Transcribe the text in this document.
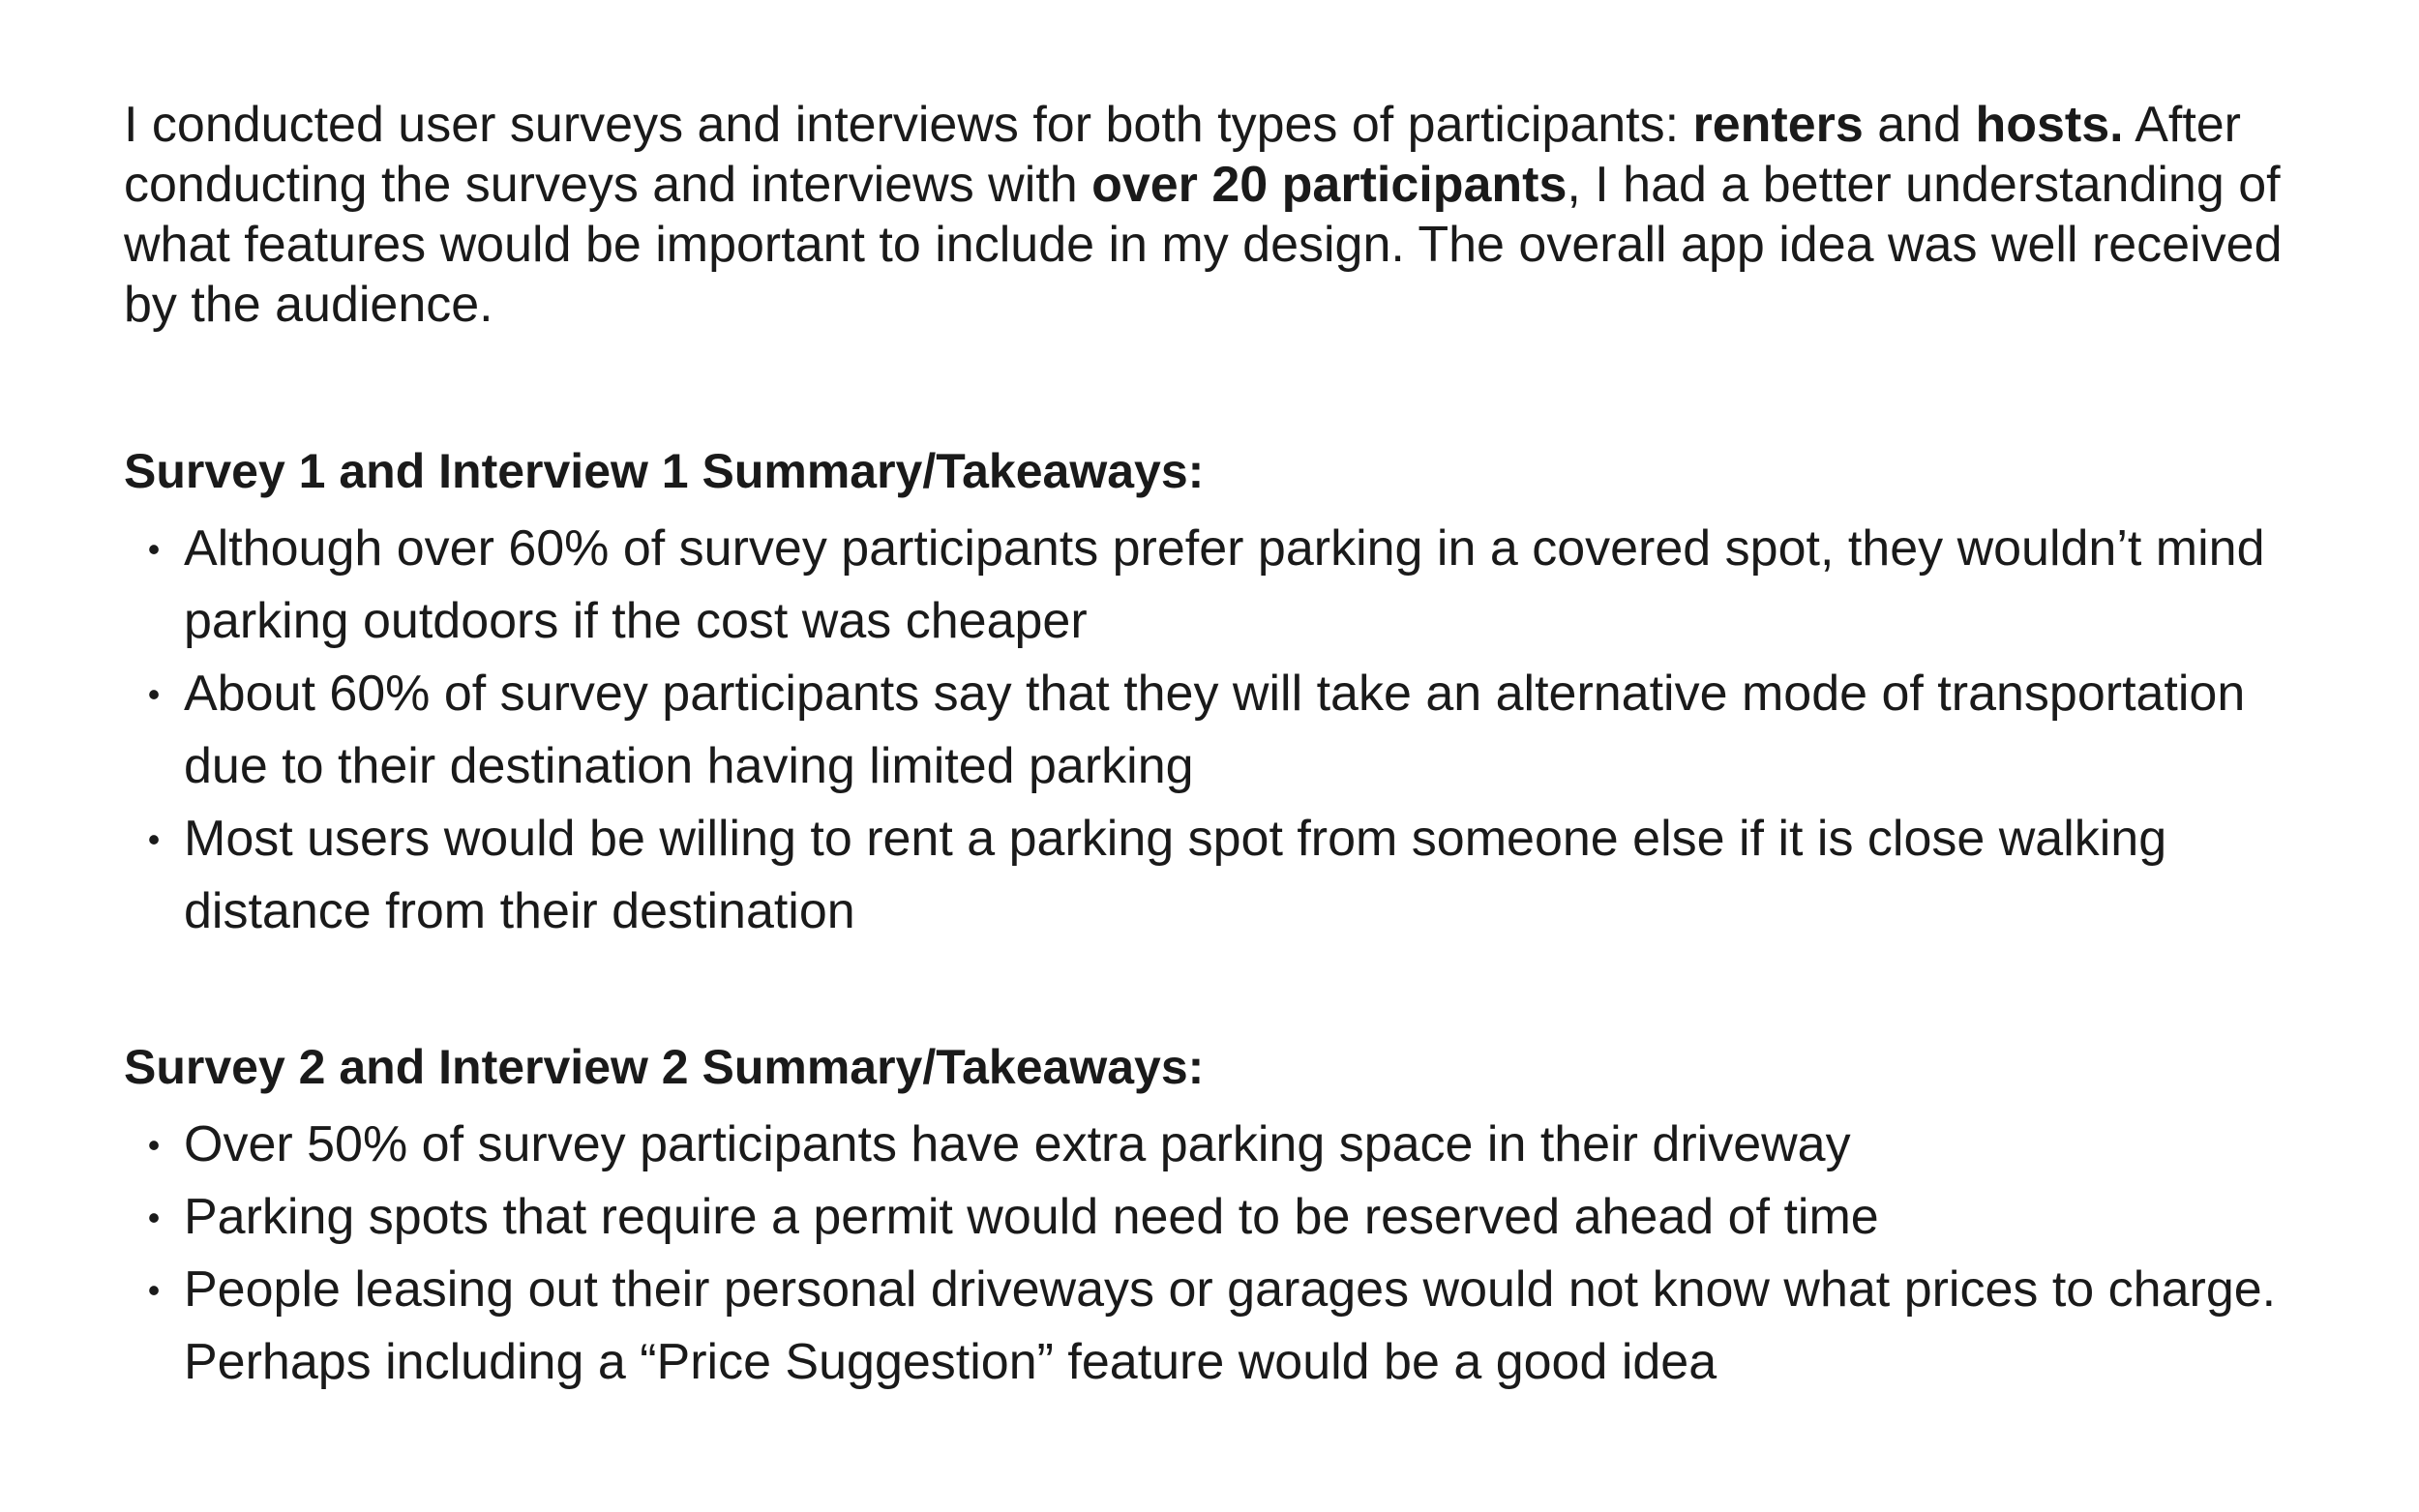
I conducted user surveys and interviews for both types of participants: renters and hosts. After conducting the surveys and interviews with over 20 participants, I had a better understanding of what features would be important to include in my design. The overall app idea was well received by the audience.

Survey 1 and Interview 1 Summary/Takeaways:
• Although over 60% of survey participants prefer parking in a covered spot, they wouldn’t mind parking outdoors if the cost was cheaper
• About 60% of survey participants say that they will take an alternative mode of transportation due to their destination having limited parking
• Most users would be willing to rent a parking spot from someone else if it is close walking distance from their destination
Survey 2 and Interview 2 Summary/Takeaways:
• Over 50% of survey participants have extra parking space in their driveway
• Parking spots that require a permit would need to be reserved ahead of time
• People leasing out their personal driveways or garages would not know what prices to charge. Perhaps including a “Price Suggestion” feature would be a good idea
